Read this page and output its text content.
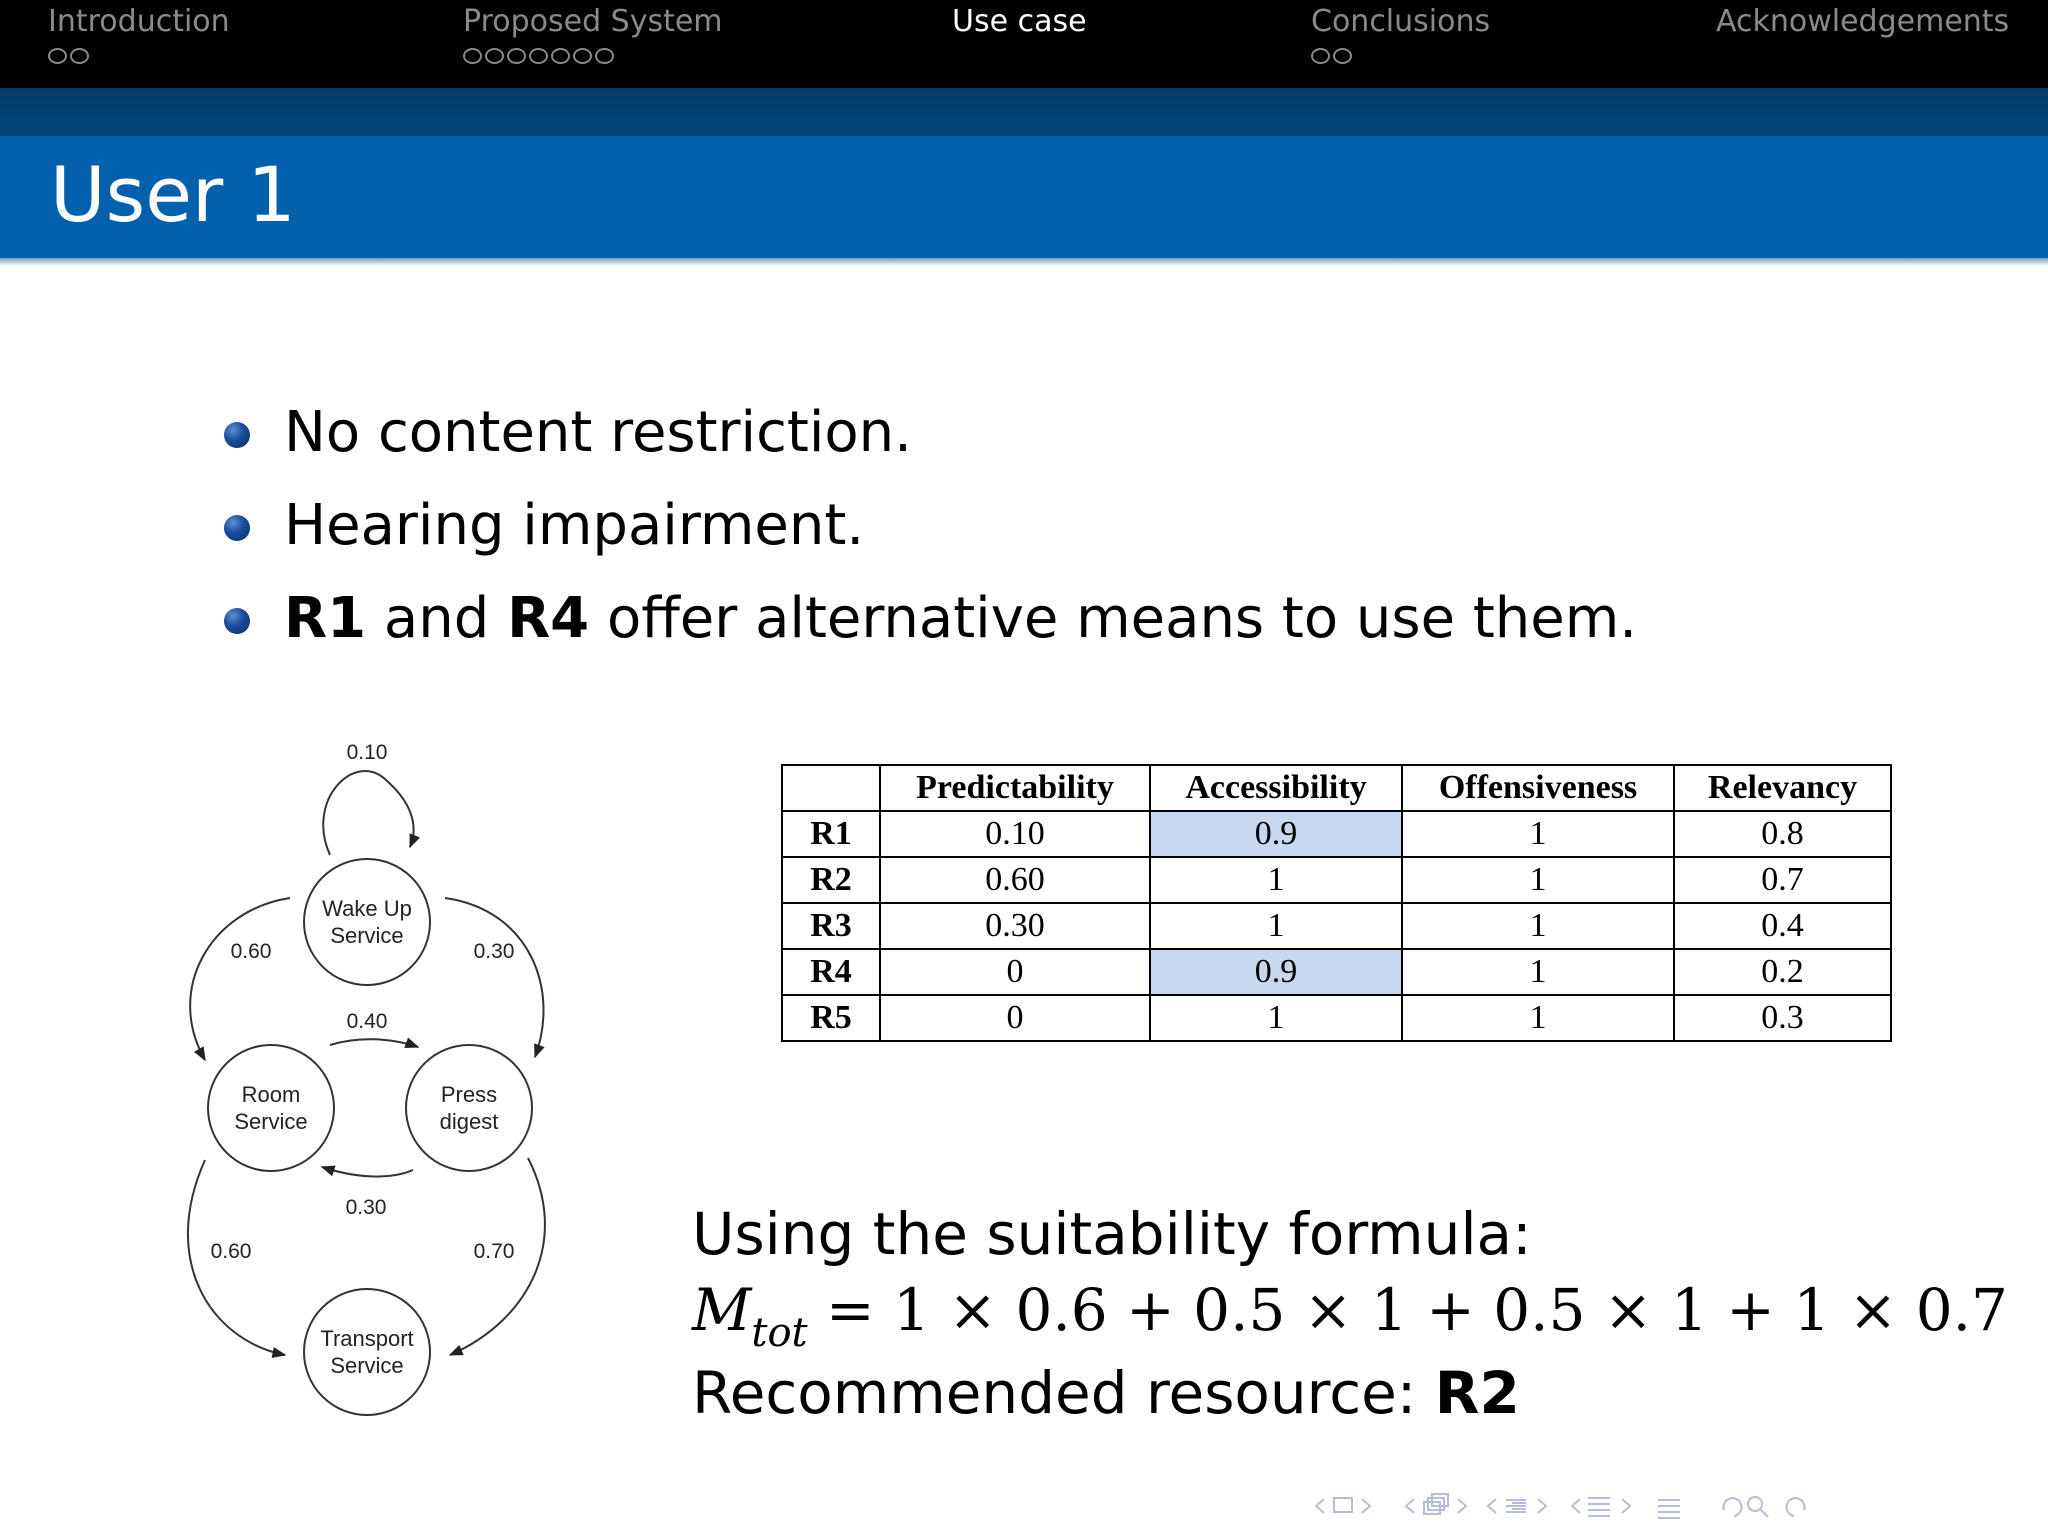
Introduction	Proposed System	Use case	Conclusions	Acknowledgements
User 1
No content restriction.
Hearing impairment.
R1 and R4 offer alternative means to use them.
Wake Up
Service
Room
Service
Press
digest
Transport
Service
0.10
0.60	0.30
0.40
0.30
0.60	0.70
	Predictability	Accessibility	Offensiveness	Relevancy
R1	0.10	0.9	1	0.8
R2	0.60	1	1	0.7
R3	0.30	1	1	0.4
R4	0	0.9	1	0.2
R5	0	1	1	0.3
Using the suitability formula:
$M_{tot} = 1 \times 0.6 + 0.5 \times 1 + 0.5 \times 1 + 1 \times 0.7$
Recommended resource: R2
